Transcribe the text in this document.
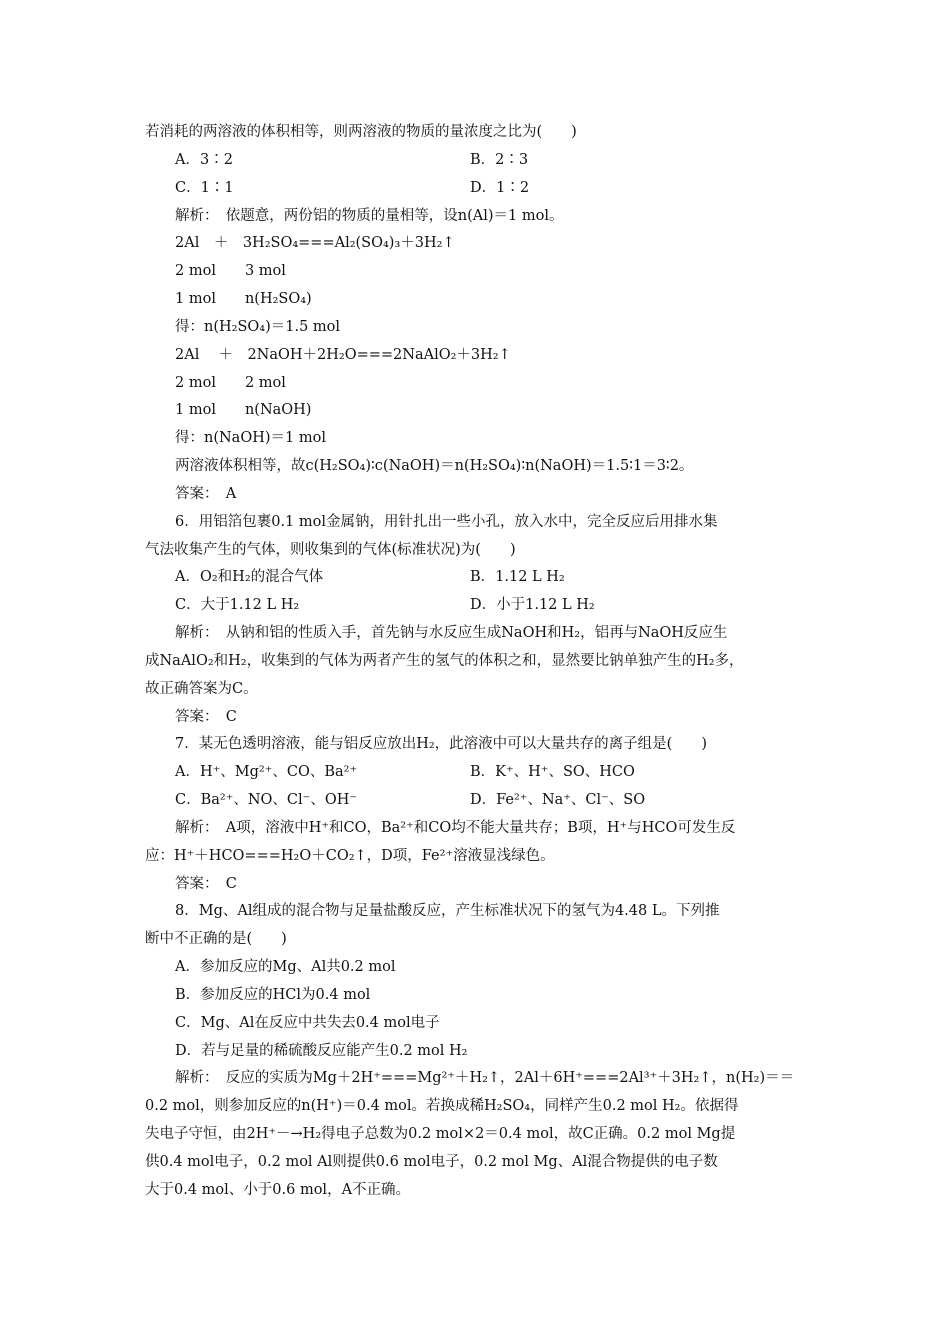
若消耗的两溶液的体积相等，则两溶液的物质的量浓度之比为(　　)
A．3∶2	B．2∶3
C．1∶1	D．1∶2
解析：　依题意，两份铝的物质的量相等，设n(Al)＝1 mol。
2Al　＋　3H₂SO₄===Al₂(SO₄)₃＋3H₂↑
2 mol　　3 mol
1 mol　　n(H₂SO₄)
得：n(H₂SO₄)＝1.5 mol
2Al　 ＋　2NaOH＋2H₂O===2NaAlO₂＋3H₂↑
2 mol　　2 mol
1 mol　　n(NaOH)
得：n(NaOH)＝1 mol
两溶液体积相等，故c(H₂SO₄)∶c(NaOH)＝n(H₂SO₄)∶n(NaOH)＝1.5∶1＝3∶2。
答案：　A
6．用铝箔包裹0.1 mol金属钠，用针扎出一些小孔，放入水中，完全反应后用排水集
气法收集产生的气体，则收集到的气体(标准状况)为(　　)
A．O₂和H₂的混合气体	B．1.12 L H₂
C．大于1.12 L H₂	D．小于1.12 L H₂
解析：　从钠和铝的性质入手，首先钠与水反应生成NaOH和H₂，铝再与NaOH反应生
成NaAlO₂和H₂，收集到的气体为两者产生的氢气的体积之和，显然要比钠单独产生的H₂多，
故正确答案为C。
答案：　C
7．某无色透明溶液，能与铝反应放出H₂，此溶液中可以大量共存的离子组是(　　)
A．H⁺、Mg²⁺、CO、Ba²⁺	B．K⁺、H⁺、SO、HCO
C．Ba²⁺、NO、Cl⁻、OH⁻	D．Fe²⁺、Na⁺、Cl⁻、SO
解析：　A项，溶液中H⁺和CO，Ba²⁺和CO均不能大量共存；B项，H⁺与HCO可发生反
应：H⁺＋HCO===H₂O＋CO₂↑，D项，Fe²⁺溶液显浅绿色。
答案：　C
8．Mg、Al组成的混合物与足量盐酸反应，产生标准状况下的氢气为4.48 L。下列推
断中不正确的是(　　)
A．参加反应的Mg、Al共0.2 mol
B．参加反应的HCl为0.4 mol
C．Mg、Al在反应中共失去0.4 mol电子
D．若与足量的稀硫酸反应能产生0.2 mol H₂
解析：　反应的实质为Mg＋2H⁺===Mg²⁺＋H₂↑，2Al＋6H⁺===2Al³⁺＋3H₂↑，n(H₂)＝＝
0.2 mol，则参加反应的n(H⁺)＝0.4 mol。若换成稀H₂SO₄，同样产生0.2 mol H₂。依据得
失电子守恒，由2H⁺－→H₂得电子总数为0.2 mol×2＝0.4 mol，故C正确。0.2 mol Mg提
供0.4 mol电子，0.2 mol Al则提供0.6 mol电子，0.2 mol Mg、Al混合物提供的电子数
大于0.4 mol、小于0.6 mol，A不正确。
